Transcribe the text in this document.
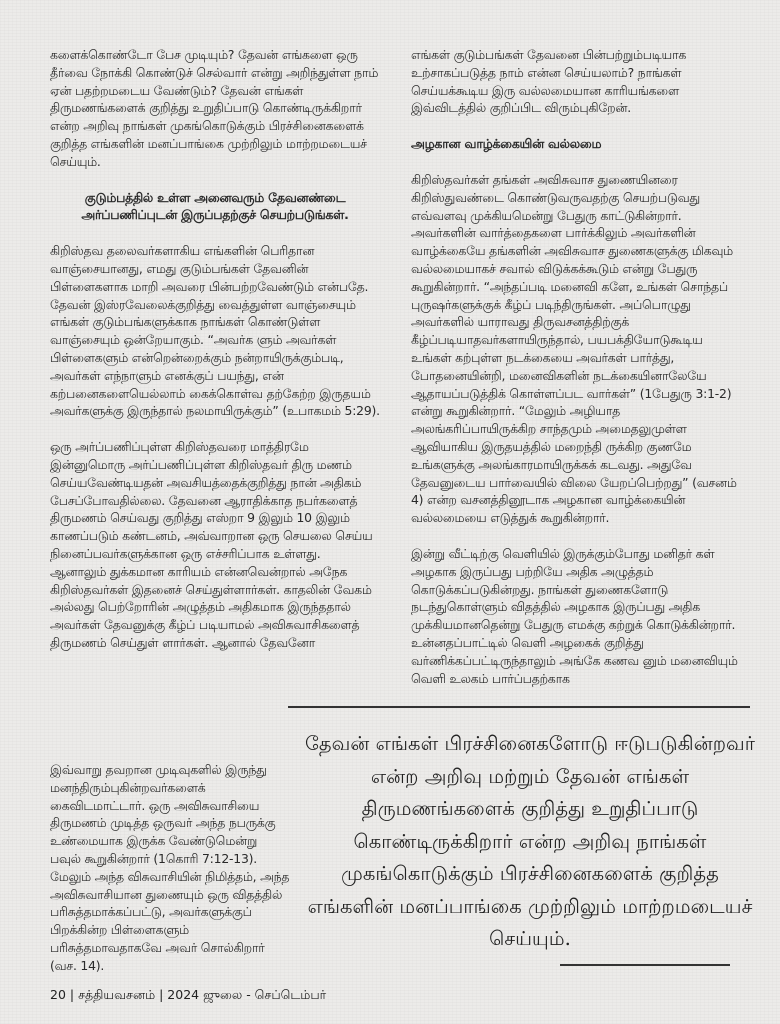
களைக்கொண்டோ பேச முடியும்? தேவன் எங்களை ஒரு தீர்வை நோக்கி கொண்டுச் செல்வார் என்று அறிந்துள்ள நாம் ஏன் பதற்றமடைய வேண்டும்? தேவன் எங்கள் திருமணங்களைக் குறித்து உறுதிப்பாடு கொண்டிருக்கிறார் என்ற அறிவு நாங்கள் முகங்கொடுக்கும் பிரச்சினைகளைக் குறித்த எங்களின் மனப்பாங்கை முற்றிலும் மாற்றமடையச் செய்யும்.

குடும்பத்தில் உள்ள அனைவரும் தேவனண்டை அர்ப்பணிப்புடன் இருப்பதற்குச் செயற்படுங்கள்.

கிறிஸ்தவ தலைவர்களாகிய எங்களின் பெரிதான வாஞ்சையானது, எமது குடும்பங்கள் தேவனின் பிள்ளைகளாக மாறி அவரை பின்பற்றவேண்டும் என்பதே. தேவன் இஸ்ரவேலைக்குறித்து வைத்துள்ள வாஞ்சையும் எங்கள் குடும்பங்களுக்காக நாங்கள் கொண்டுள்ள வாஞ்சையும் ஒன்றேயாகும். “அவர்க ளும் அவர்கள் பிள்ளைகளும் என்றென்றைக்கும் நன்றாயிருக்கும்படி, அவர்கள் எந்நாளும் எனக்குப் பயந்து, என் கற்பனைகளையெல்லாம் கைக்கொள்வ தற்கேற்ற இருதயம் அவர்களுக்கு இருந்தால் நலமாயிருக்கும்” (உபாகமம் 5:29).

ஒரு அர்ப்பணிப்புள்ள கிறிஸ்தவரை மாத்திரமே இன்னுமொரு அர்ப்பணிப்புள்ள கிறிஸ்தவர் திரு மணம் செய்யவேண்டியதன் அவசியத்தைக்குறித்து நான் அதிகம் பேசப்போவதில்லை. தேவனை ஆராதிக்காத நபர்களைத் திருமணம் செய்வது குறித்து எஸ்றா 9 இலும் 10 இலும் காணப்படும் கண்டனம், அவ்வாறான ஒரு செயலை செய்ய நினைப்பவர்களுக்கான ஒரு எச்சரிப்பாக உள்ளது. ஆனாலும் துக்கமான காரியம் என்னவென்றால் அநேக கிறிஸ்தவர்கள் இதனைச் செய்துள்ளார்கள். காதலின் வேகம் அல்லது பெற்றோரின் அழுத்தம் அதிகமாக இருந்ததால் அவர்கள் தேவனுக்கு கீழ்ப் படியாமல் அவிசுவாசிகளைத் திருமணம் செய்துள் ளார்கள். ஆனால் தேவனோ

இவ்வாறு தவறான முடிவுகளில் இருந்து மனந்திரும்புகின்றவர்களைக் கைவிடமாட்டார். ஒரு அவிசுவாசியை திருமணம் முடித்த ஒருவர் அந்த நபருக்கு உண்மையாக இருக்க வேண்டுமென்று பவுல் கூறுகின்றார் (1கொரி 7:12-13). மேலும் அந்த விசுவாசியின் நிமித்தம், அந்த அவிசுவாசியான துணையும் ஒரு விதத்தில் பரிசுத்தமாக்கப்பட்டு, அவர்களுக்குப் பிறக்கின்ற பிள்ளைகளும் பரிசுத்தமாவதாகவே அவர் சொல்கிறார் (வச. 14).

எங்கள் குடும்பங்கள் தேவனை பின்பற்றும்படியாக உற்சாகப்படுத்த நாம் என்ன செய்யலாம்? நாங்கள் செய்யக்கூடிய இரு வல்லமையான காரியங்களை இவ்விடத்தில் குறிப்பிட விரும்புகிறேன்.

அழகான வாழ்க்கையின் வல்லமை

கிறிஸ்தவர்கள் தங்கள் அவிசுவாச துணையினரை கிறிஸ்துவண்டை கொண்டுவருவதற்கு செயற்படுவது எவ்வளவு முக்கியமென்று பேதுரு காட்டுகின்றார். அவர்களின் வார்த்தைகளை பார்க்கிலும் அவர்களின் வாழ்க்கையே தங்களின் அவிசுவாச துணைகளுக்கு மிகவும் வல்லமையாகச் சவால் விடுக்கக்கூடும் என்று பேதுரு கூறுகின்றார். “அந்தப்படி மனைவி களே, உங்கள் சொந்தப் புருஷர்களுக்குக் கீழ்ப் படிந்திருங்கள். அப்பொழுது அவர்களில் யாராவது திருவசனத்திற்குக் கீழ்ப்படியாதவர்களாயிருந்தால், பயபக்தியோடுகூடிய உங்கள் கற்புள்ள நடக்கையை அவர்கள் பார்த்து, போதனையின்றி, மனைவிகளின் நடக்கையினாலேயே ஆதாயப்படுத்திக் கொள்ளப்பட வார்கள்” (1பேதுரு 3:1-2) என்று கூறுகின்றார். “மேலும் அழியாத அலங்கரிப்பாயிருக்கிற சாந்தமும் அமைதலுமுள்ள ஆவியாகிய இருதயத்தில் மறைந்தி ருக்கிற குணமே உங்களுக்கு அலங்காரமாயிருக்கக் கடவது. அதுவே தேவனுடைய பார்வையில் விலை யேறப்பெற்றது” (வசனம் 4) என்ற வசனத்தினூடாக அழகான வாழ்க்கையின் வல்லமையை எடுத்துக் கூறுகின்றார்.

இன்று வீட்டிற்கு வெளியில் இருக்கும்போது மனிதர் கள் அழகாக இருப்பது பற்றியே அதிக அழுத்தம் கொடுக்கப்படுகின்றது. நாங்கள் துணைகளோடு நடந்துகொள்ளும் விதத்தில் அழகாக இருப்பது அதிக முக்கியமானதென்று பேதுரு எமக்கு கற்றுக் கொடுக்கின்றார். உன்னதப்பாட்டில் வெளி அழகைக் குறித்து வர்ணிக்கப்பட்டிருந்தாலும் அங்கே கணவ னும் மனைவியும் வெளி உலகம் பார்ப்பதற்காக

தேவன் எங்கள் பிரச்சினைகளோடு ஈடுபடுகின்றவர் என்ற அறிவு மற்றும் தேவன் எங்கள் திருமணங்களைக் குறித்து உறுதிப்பாடு கொண்டிருக்கிறார் என்ற அறிவு நாங்கள் முகங்கொடுக்கும் பிரச்சினைகளைக் குறித்த எங்களின் மனப்பாங்கை முற்றிலும் மாற்றமடையச் செய்யும்.
20 | சத்தியவசனம் | 2024 ஜுலை - செப்டெம்பர்
